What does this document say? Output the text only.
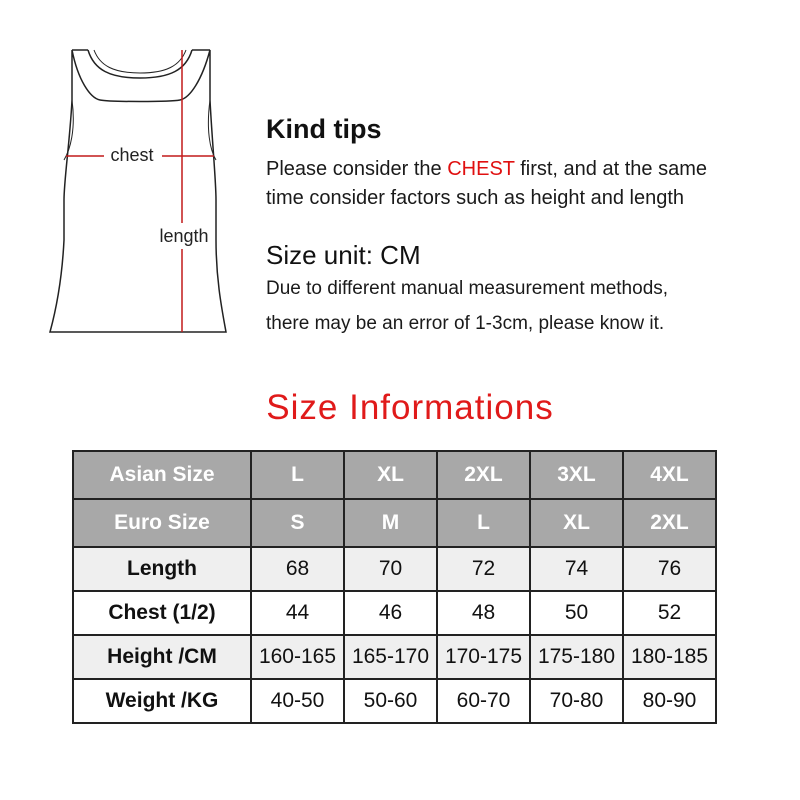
chest
length
Kind tips
Please consider the CHEST first, and at the same
time consider factors such as height and length
Size unit: CM
Due to different manual measurement methods,
there may be an error of 1-3cm, please know it.
Size Informations
Asian Size	L	XL	2XL	3XL	4XL
Euro Size	S	M	L	XL	2XL
Length	68	70	72	74	76
Chest (1/2)	44	46	48	50	52
Height /CM	160-165	165-170	170-175	175-180	180-185
Weight /KG	40-50	50-60	60-70	70-80	80-90
